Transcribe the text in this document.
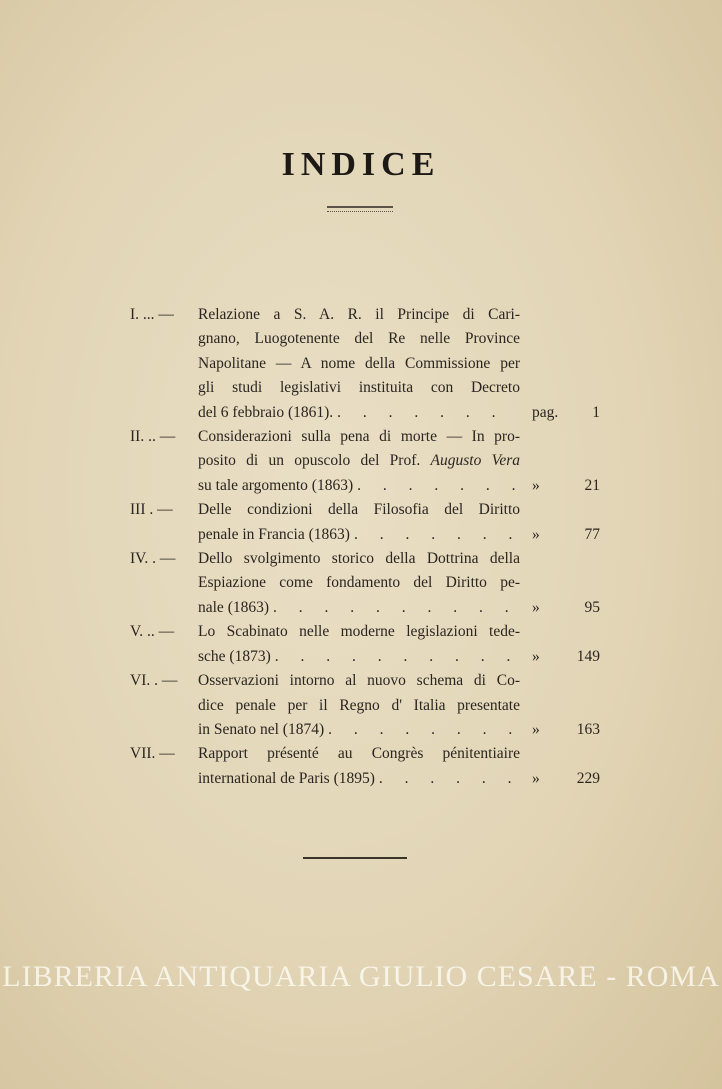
LIBRERIA ANTIQUARIA GIULIO CESARE - ROMA
INDICE
I. ... —	Relazione a S. A. R. il Principe di Cari-
gnano, Luogotenente del Re nelle Province
Napolitane — A nome della Commissione per
gli studi legislativi instituita con Decreto
del 6 febbraio (1861). . . .	pag. 1
II. .. —	Considerazioni sulla pena di morte — In pro-
posito di un opuscolo del Prof. Augusto Vera
su tale argomento (1863) . . .	»	21
III . —	Delle condizioni della Filosofia del Diritto
penale in Francia (1863) . . .	»	77
IV. . —	Dello svolgimento storico della Dottrina della
Espiazione come fondamento del Diritto pe-
nale (1863) . . .	»	95
V. .. —	Lo Scabinato nelle moderne legislazioni tede-
sche (1873) . . .	» 149
VI. . —	Osservazioni intorno al nuovo schema di Co-
dice penale per il Regno d' Italia presentate
in Senato nel (1874) . . .	» 163
VII. —	Rapport présenté au Congrès pénitentiaire
international de Paris (1895) . . .	» 229
